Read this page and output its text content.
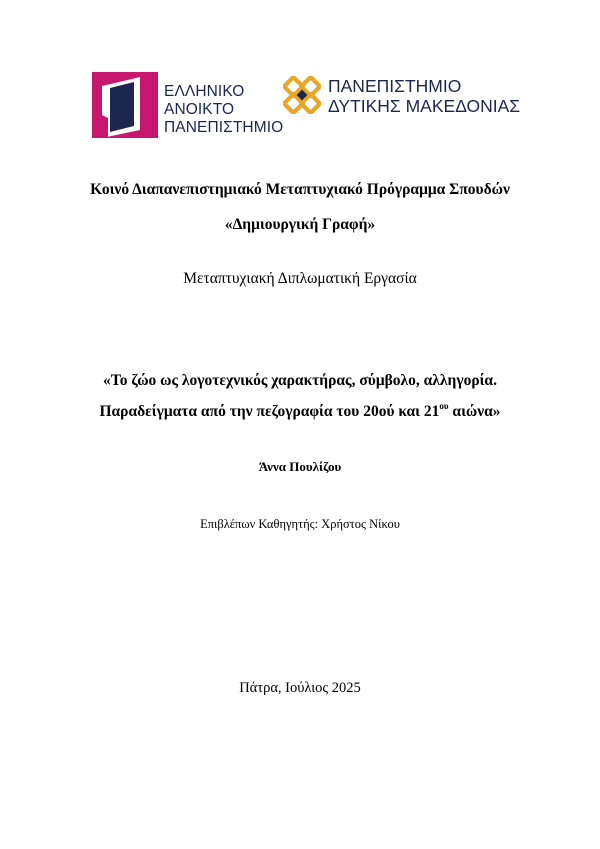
ΕΛΛΗΝΙΚΟ
ΑΝΟΙΚΤΟ
ΠΑΝΕΠΙΣΤΗΜΙΟ
ΠΑΝΕΠΙΣΤΗΜΙΟ
ΔΥΤΙΚΗΣ ΜΑΚΕΔΟΝΙΑΣ
Κοινό Διαπανεπιστημιακό Μεταπτυχιακό Πρόγραμμα Σπουδών
«Δημιουργική Γραφή»
Μεταπτυχιακή Διπλωματική Εργασία
«Το ζώο ως λογοτεχνικός χαρακτήρας, σύμβολο, αλληγορία.
Παραδείγματα από την πεζογραφία του 20ού και $21^{o\upsilon}$ αιώνα»
Άννα Πουλίζου
Επιβλέπων Καθηγητής: Χρήστος Νίκου
Πάτρα, Ιούλιος 2025
